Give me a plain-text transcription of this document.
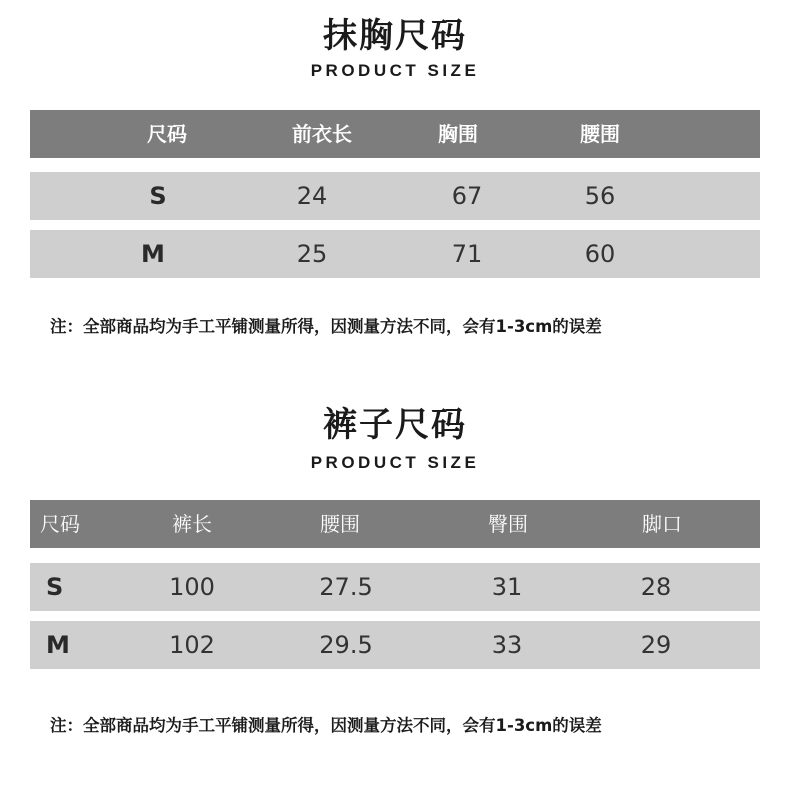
抹胸尺码
PRODUCT SIZE
尺码	前衣长	胸围	腰围
S	24	67	56
M	25	71	60
注：全部商品均为手工平铺测量所得，因测量方法不同，会有1-3cm的误差
裤子尺码
PRODUCT SIZE
尺码	裤长	腰围	臀围	脚口
S	100	27.5	31	28
M	102	29.5	33	29
注：全部商品均为手工平铺测量所得，因测量方法不同，会有1-3cm的误差
